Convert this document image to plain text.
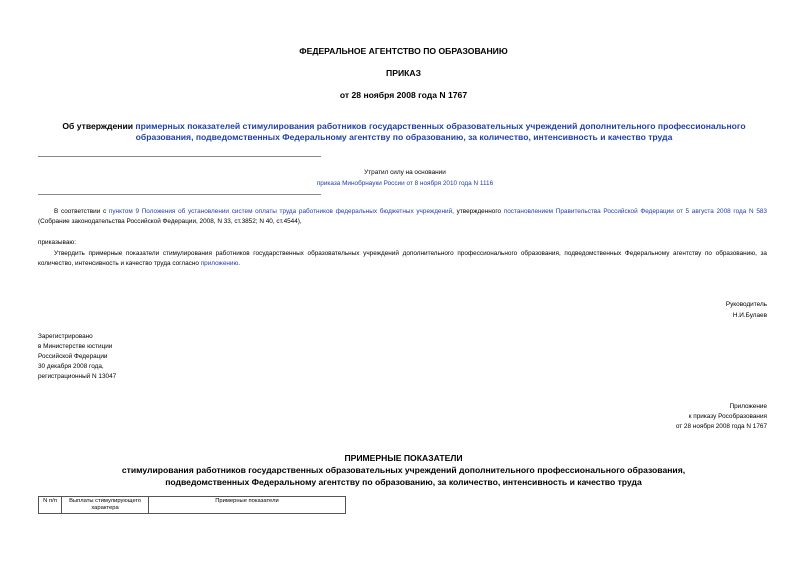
ФЕДЕРАЛЬНОЕ АГЕНТСТВО ПО ОБРАЗОВАНИЮ
ПРИКАЗ
от 28 ноября 2008 года N 1767
Об утверждении примерных показателей стимулирования работников государственных образовательных учреждений дополнительного профессионального образования, подведомственных Федеральному агентству по образованию, за количество, интенсивность и качество труда
Утратил силу на основании
приказа Минобрнауки России от 8 ноября 2010 года N 1116
В соответствии с пунктом 9 Положения об установлении систем оплаты труда работников федеральных бюджетных учреждений, утвержденного постановлением Правительства Российской Федерации от 5 августа 2008 года N 583 (Собрание законодательства Российской Федерации, 2008, N 33, ст.3852; N 40, ст.4544),
приказываю:
Утвердить примерные показатели стимулирования работников государственных образовательных учреждений дополнительного профессионального образования, подведомственных Федеральному агентству по образованию, за количество, интенсивность и качество труда согласно приложению.
Руководитель
Н.И.Булаев
Зарегистрировано
в Министерстве юстиции
Российской Федерации
30 декабря 2008 года,
регистрационный N 13047
Приложение
к приказу Рособразования
от 28 ноября 2008 года N 1767
ПРИМЕРНЫЕ ПОКАЗАТЕЛИ
стимулирования работников государственных образовательных учреждений дополнительного профессионального образования,
подведомственных Федеральному агентству по образованию, за количество, интенсивность и качество труда
N п/п	Выплаты стимулирующего характера	Примерные показатели
